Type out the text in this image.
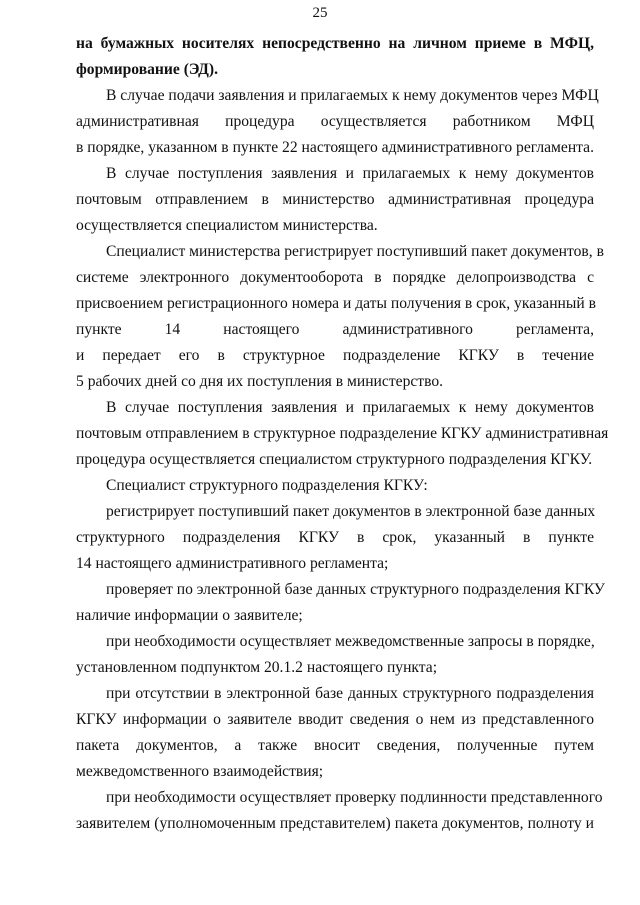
25
на бумажных носителях непосредственно на личном приеме в МФЦ,
формирование (ЭД).
В случае подачи заявления и прилагаемых к нему документов через МФЦ
административная процедура осуществляется работником МФЦ
в порядке, указанном в пункте 22 настоящего административного регламента.
В случае поступления заявления и прилагаемых к нему документов
почтовым отправлением в министерство административная процедура
осуществляется специалистом министерства.
Специалист министерства регистрирует поступивший пакет документов, в
системе электронного документооборота в порядке делопроизводства с
присвоением регистрационного номера и даты получения в срок, указанный в
пункте 14 настоящего административного регламента,
и передает его в структурное подразделение КГКУ в течение
5 рабочих дней со дня их поступления в министерство.
В случае поступления заявления и прилагаемых к нему документов
почтовым отправлением в структурное подразделение КГКУ административная
процедура осуществляется специалистом структурного подразделения КГКУ.
Специалист структурного подразделения КГКУ:
регистрирует поступивший пакет документов в электронной базе данных
структурного подразделения КГКУ в срок, указанный в пункте
14 настоящего административного регламента;
проверяет по электронной базе данных структурного подразделения КГКУ
наличие информации о заявителе;
при необходимости осуществляет межведомственные запросы в порядке,
установленном подпунктом 20.1.2 настоящего пункта;
при отсутствии в электронной базе данных структурного подразделения
КГКУ информации о заявителе вводит сведения о нем из представленного
пакета документов, а также вносит сведения, полученные путем
межведомственного взаимодействия;
при необходимости осуществляет проверку подлинности представленного
заявителем (уполномоченным представителем) пакета документов, полноту и
